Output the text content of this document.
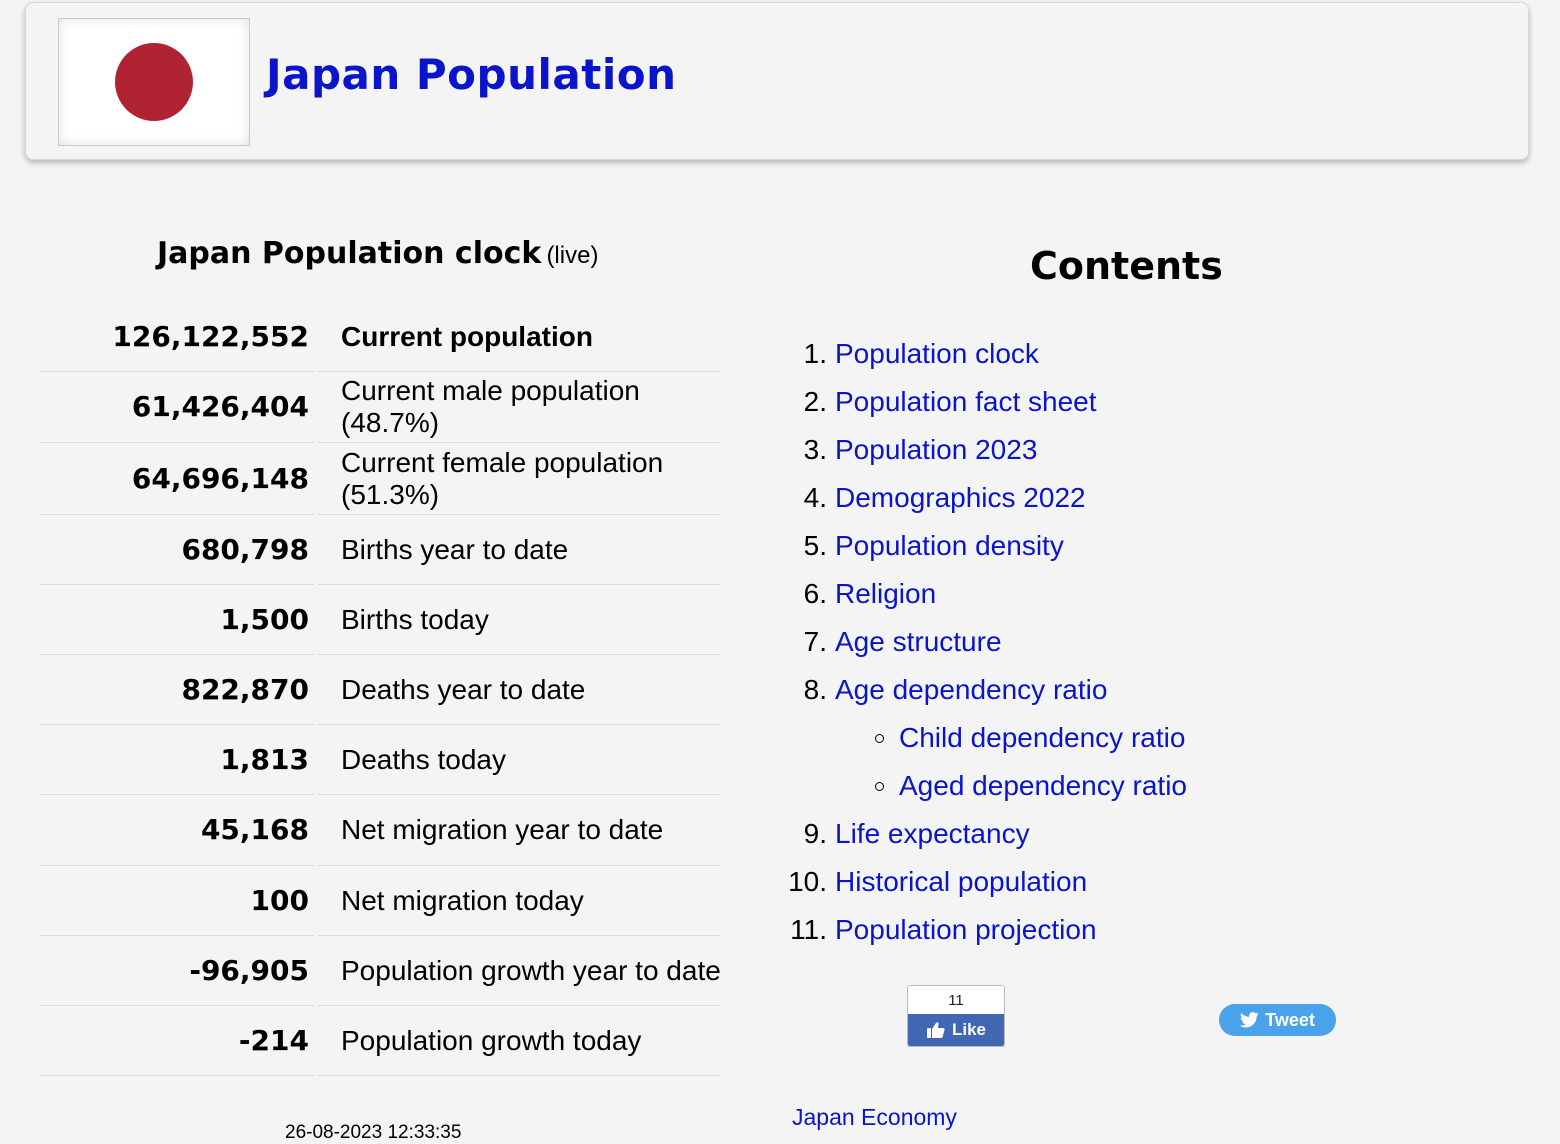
Japan Population
Japan Population clock (live)
126,122,552	Current population
61,426,404	Current male population
(48.7%)
64,696,148	Current female population
(51.3%)
680,798	Births year to date
1,500	Births today
822,870	Deaths year to date
1,813	Deaths today
45,168	Net migration year to date
100	Net migration today
-96,905	Population growth year to date
-214	Population growth today
26-08-2023 12:33:35
Contents
1. Population clock
2. Population fact sheet
3. Population 2023
4. Demographics 2022
5. Population density
6. Religion
7. Age structure
8. Age dependency ratio
Child dependency ratio
Aged dependency ratio
9. Life expectancy
10. Historical population
11. Population projection
11
Like	Tweet
Japan Economy
